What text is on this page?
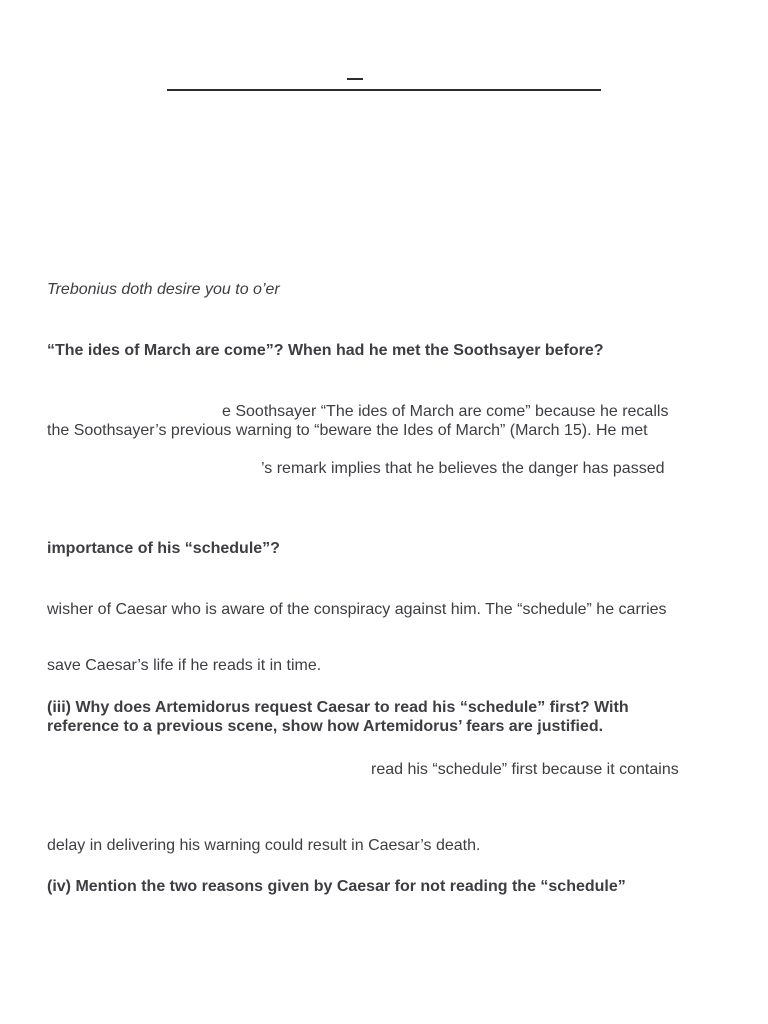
Trebonius doth desire you to o’er

“The ides of March are come”? When had he met the Soothsayer before?

e Soothsayer “The ides of March are come” because he recalls

the Soothsayer’s previous warning to “beware the Ides of March” (March 15). He met

’s remark implies that he believes the danger has passed

importance of his “schedule”?

wisher of Caesar who is aware of the conspiracy against him. The “schedule” he carries

save Caesar’s life if he reads it in time.

(iii) Why does Artemidorus request Caesar to read his “schedule” first? With

reference to a previous scene, show how Artemidorus’ fears are justified.

read his “schedule” first because it contains

delay in delivering his warning could result in Caesar’s death.

(iv) Mention the two reasons given by Caesar for not reading the “schedule”
